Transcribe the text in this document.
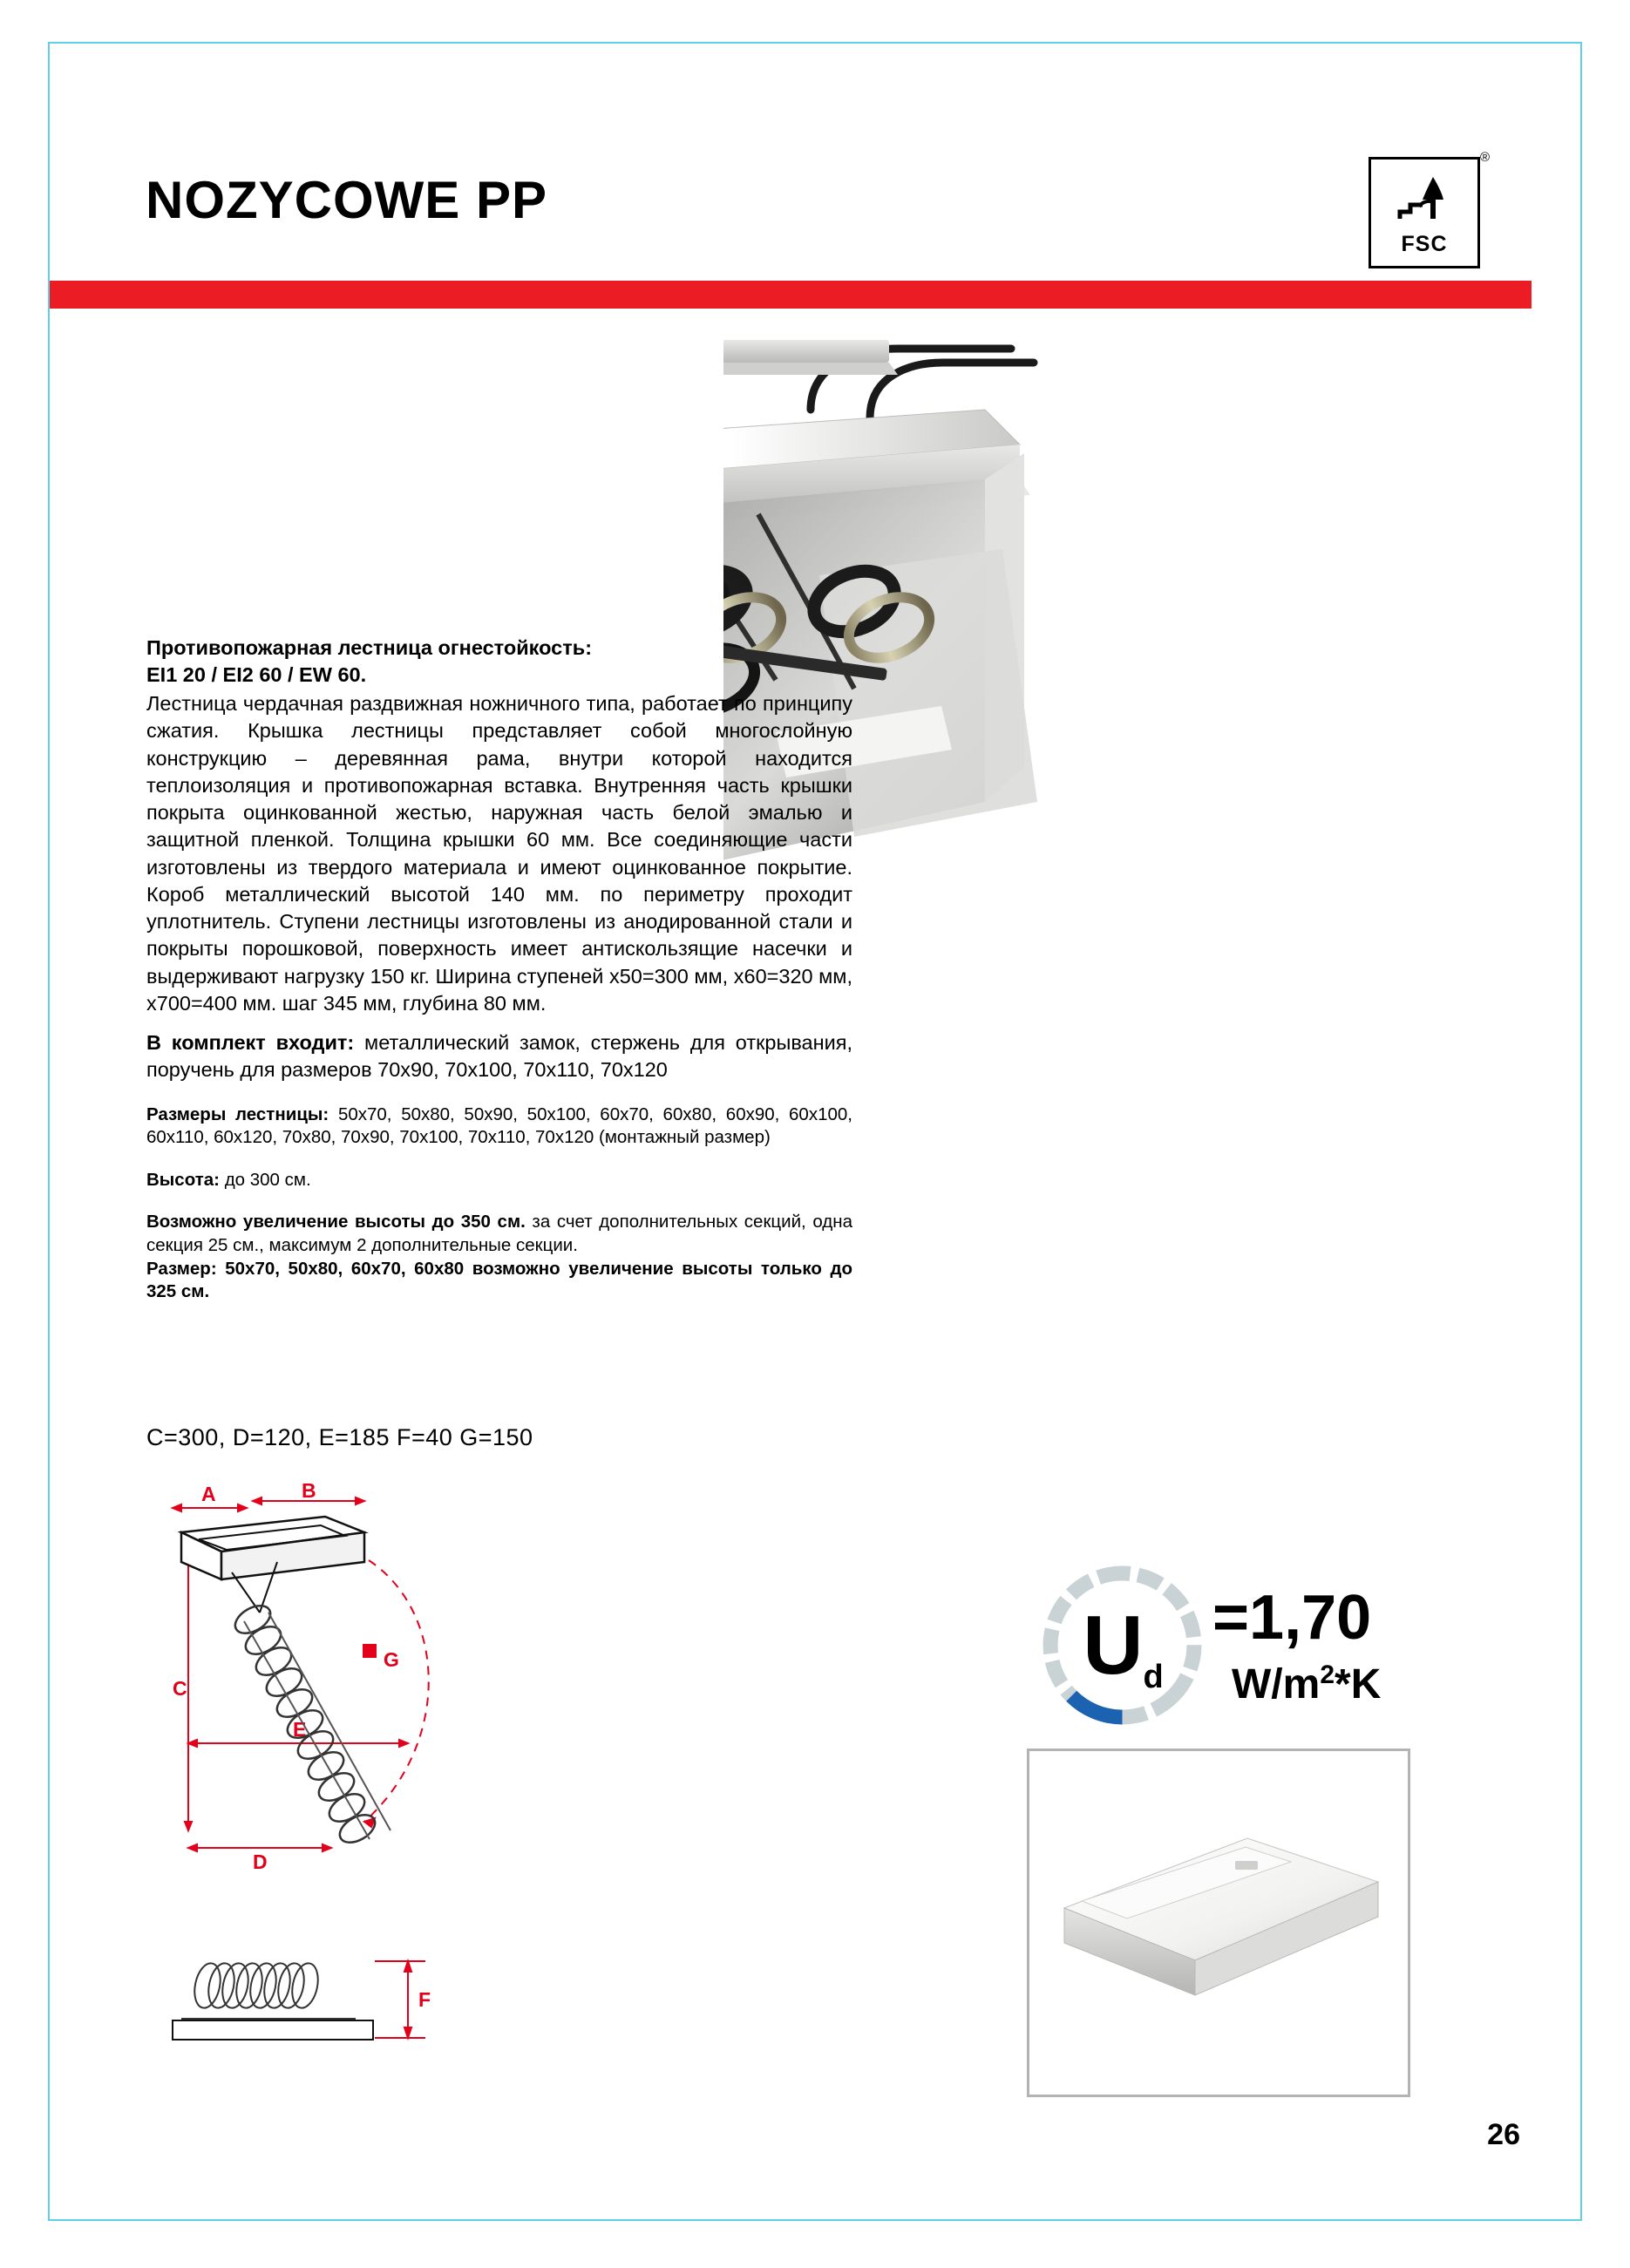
NOZYCOWE PP
®
FSC
Противопожарная лестница огнестойкость:
EI1 20 / EI2 60 / EW 60.
Лестница чердачная раздвижная ножничного типа, работает по принципу сжатия. Крышка лестницы представляет собой многослойную конструкцию – деревянная рама, внутри которой находится теплоизоляция и противопожарная вставка. Внутренняя часть крышки покрыта оцинкованной жестью, наружная часть белой эмалью и защитной пленкой. Толщина крышки 60 мм. Все соединяющие части изготовлены из твердого материала и имеют оцинкованное покрытие. Короб металлический высотой 140 мм. по периметру проходит уплотнитель. Ступени лестницы изготовлены из анодированной стали и покрыты порошковой, поверхность имеет антискользящие насечки и выдерживают нагрузку 150 кг. Ширина ступеней х50=300 мм, х60=320 мм, х700=400 мм. шаг 345 мм, глубина 80 мм.
В комплект входит: металлический замок, стержень для открывания, поручень для размеров 70x90, 70x100, 70x110, 70x120
Размеры лестницы: 50x70, 50x80, 50x90, 50x100, 60x70, 60x80, 60x90, 60x100, 60x110, 60x120, 70x80, 70x90, 70x100, 70x110, 70x120 (монтажный размер)
Высота: до 300 см.
Возможно увеличение высоты до 350 см. за счет дополнительных секций, одна секция 25 см., максимум 2 дополнительные секции.
Размер: 50x70, 50x80, 60x70, 60x80 возможно увеличение высоты только до 325 см.
C=300, D=120, E=185 F=40 G=150
A	B
C
E
D
G
F
U d
=1,70
$W/m^2*K$
26
